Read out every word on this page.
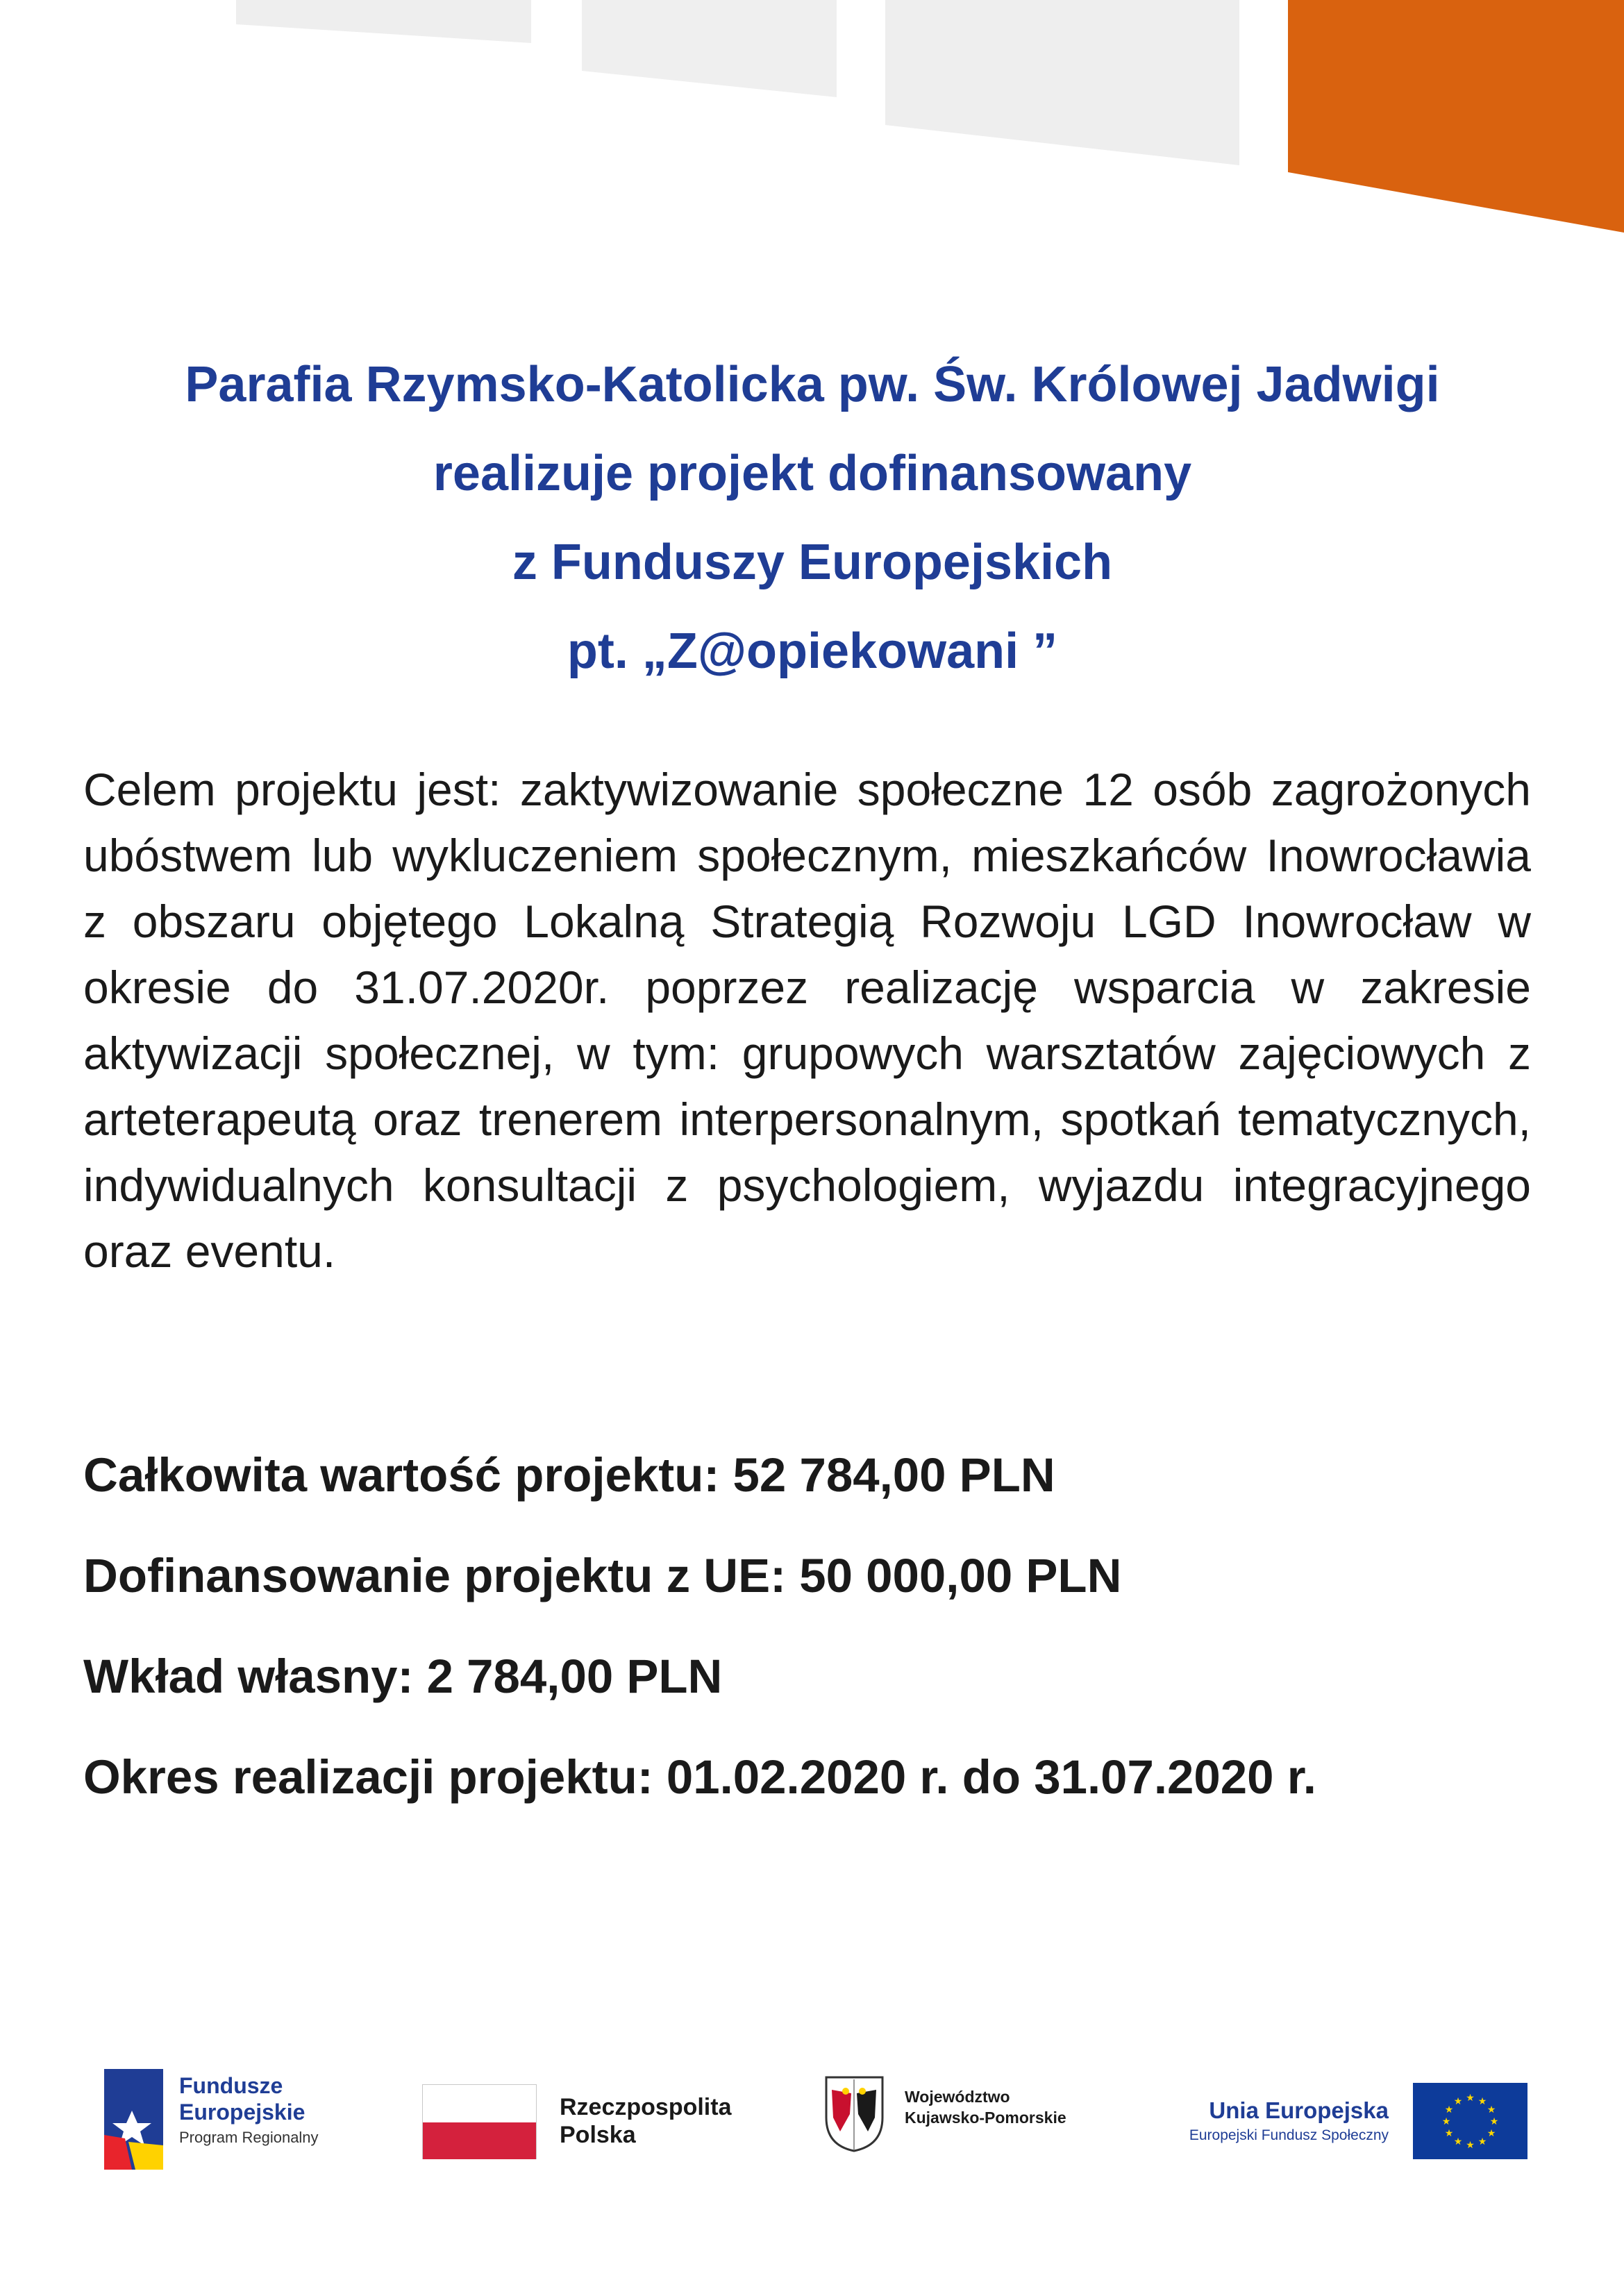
Parafia Rzymsko-Katolicka pw. Św. Królowej Jadwigi
realizuje projekt dofinansowany
z Funduszy Europejskich
pt. „Z@opiekowani ”
Celem projektu jest: zaktywizowanie społeczne 12 osób zagrożonych ubóstwem lub wykluczeniem społecznym, mieszkańców Inowrocławia z obszaru objętego Lokalną Strategią Rozwoju LGD Inowrocław w okresie do 31.07.2020r. poprzez realizację wsparcia w zakresie aktywizacji społecznej, w tym: grupowych warsztatów zajęciowych z arteterapeutą oraz trenerem interpersonalnym, spotkań tematycznych, indywidualnych konsultacji z psychologiem, wyjazdu integracyjnego oraz eventu.
Całkowita wartość projektu: 52 784,00 PLN
Dofinansowanie projektu z UE: 50 000,00 PLN
Wkład własny: 2 784,00 PLN
Okres realizacji projektu: 01.02.2020 r. do 31.07.2020 r.
Fundusze
Europejskie
Program Regionalny
Rzeczpospolita
Polska
Województwo
Kujawsko-Pomorskie	Unia Europejska
Europejski Fundusz Społeczny
★ ★
★
★
★
★
★
★
★
★
★
★
